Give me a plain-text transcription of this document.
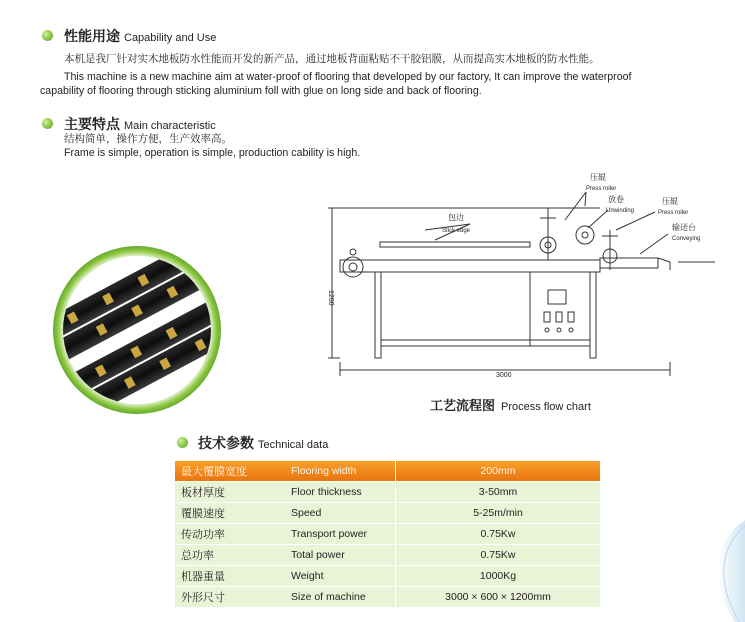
性能用途 Capability and Use
本机是我厂针对实木地板防水性能而开发的新产品，通过地板背面粘贴不干胶铝膜，从而提高实木地板的防水性能。
This machine is a new machine aim at water-proof of flooring that developed by our factory, It can improve the waterproof
capability of flooring through sticking aluminium foll with glue on long side and back of flooring.
主要特点 Main characteristic
结构简单，操作方便，生产效率高。
Frame is simple, operation is simple, production cability is high.
包边
Stick edge
压辊
Press roller
放卷
Unwinding
压辊
Press roller
输送台
Conveying
1200
3000
工艺流程图 Process flow chart
技术参数 Technical data
最大覆膜宽度	Flooring width	200mm
板材厚度	Floor thickness	3-50mm
覆膜速度	Speed	5-25m/min
传动功率	Transport power	0.75Kw
总功率	Total power	0.75Kw
机器重量	Weight	1000Kg
外形尺寸	Size of machine	3000 × 600 × 1200mm
